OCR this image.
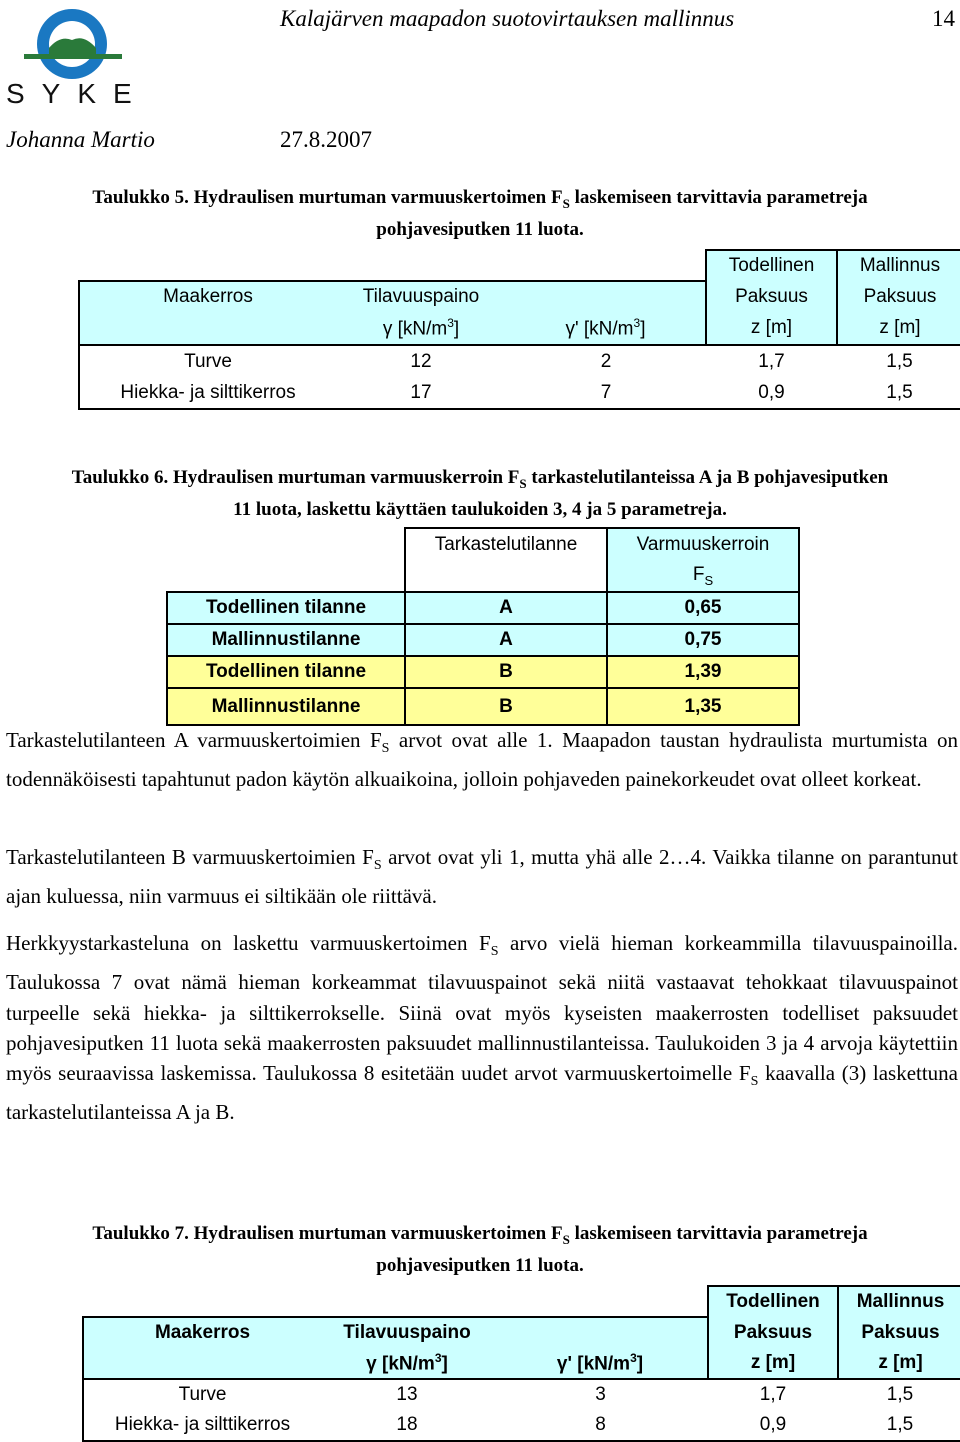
SYKE
Kalajärven maapadon suotovirtauksen mallinnus	14
Johanna Martio	27.8.2007
Taulukko 5. Hydraulisen murtuman varmuuskertoimen $F_S$ laskemiseen tarvittavia parametreja
pohjavesiputken 11 luota.
			Todellinen	Mallinnus
Maakerros	Tilavuuspaino		Paksuus	Paksuus
	γ $[kN/m^3]$	γ' $[kN/m^3]$	z [m]	z [m]
Turve	12	2	1,7	1,5
Hiekka- ja silttikerros	17	7	0,9	1,5
Taulukko 6. Hydraulisen murtuman varmuuskerroin $F_S$ tarkastelutilanteissa A ja B pohjavesiputken
11 luota, laskettu käyttäen taulukoiden 3, 4 ja 5 parametreja.
	Tarkastelutilanne	Varmuuskerroin
		$F_S$
Todellinen tilanne	A	0,65
Mallinnustilanne	A	0,75
Todellinen tilanne	B	1,39
Mallinnustilanne	B	1,35
Tarkastelutilanteen A varmuuskertoimien $F_S$ arvot ovat alle 1. Maapadon taustan hydraulista murtumista on todennäköisesti tapahtunut padon käytön alkuaikoina, jolloin pohjaveden painekorkeudet ovat olleet korkeat.
Tarkastelutilanteen B varmuuskertoimien $F_S$ arvot ovat yli 1, mutta yhä alle 2…4. Vaikka tilanne on parantunut ajan kuluessa, niin varmuus ei siltikään ole riittävä.
Herkkyystarkasteluna on laskettu varmuuskertoimen $F_S$ arvo vielä hieman korkeammilla tilavuuspainoilla. Taulukossa 7 ovat nämä hieman korkeammat tilavuuspainot sekä niitä vastaavat tehokkaat tilavuuspainot turpeelle sekä hiekka- ja silttikerrokselle. Siinä ovat myös kyseisten maakerrosten todelliset paksuudet pohjavesiputken 11 luota sekä maakerrosten paksuudet mallinnustilanteissa. Taulukoiden 3 ja 4 arvoja käytettiin myös seuraavissa laskemissa. Taulukossa 8 esitetään uudet arvot varmuuskertoimelle $F_S$ kaavalla (3) laskettuna tarkastelutilanteissa A ja B.
Taulukko 7. Hydraulisen murtuman varmuuskertoimen $F_S$ laskemiseen tarvittavia parametreja
pohjavesiputken 11 luota.
			Todellinen	Mallinnus
Maakerros	Tilavuuspaino		Paksuus	Paksuus
	γ $[kN/m^3]$	γ' $[kN/m^3]$	z [m]	z [m]
Turve	13	3	1,7	1,5
Hiekka- ja silttikerros	18	8	0,9	1,5
